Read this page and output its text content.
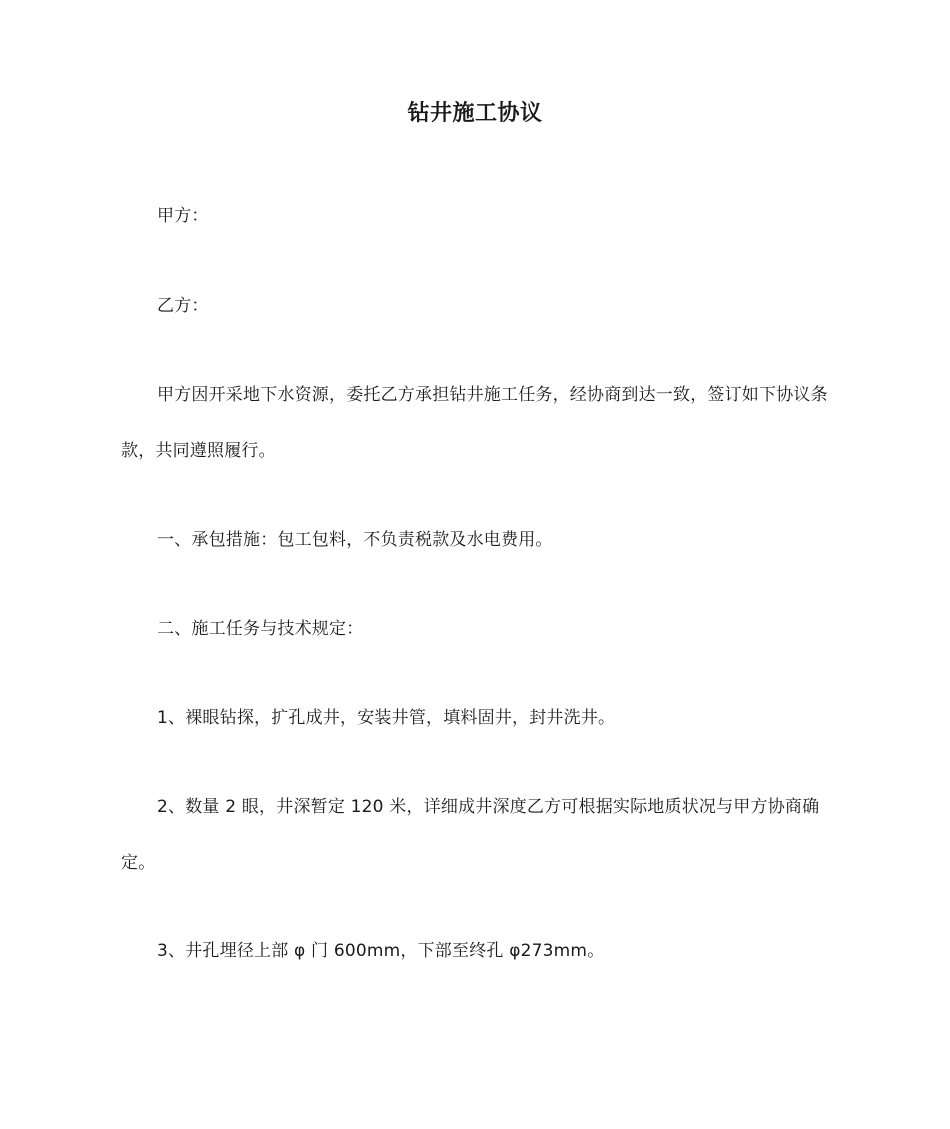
钻井施工协议

甲方：

乙方：

甲方因开采地下水资源，委托乙方承担钻井施工任务，经协商到达一致，签订如下协议条款，共同遵照履行。

一、承包措施：包工包料，不负责税款及水电费用。

二、施工任务与技术规定：

1、裸眼钻探，扩孔成井，安装井管，填料固井，封井洗井。

2、数量 2 眼，井深暂定 120 米，详细成井深度乙方可根据实际地质状况与甲方协商确定。

3、井孔埋径上部 φ 门 600mm，下部至终孔 φ273mm。
